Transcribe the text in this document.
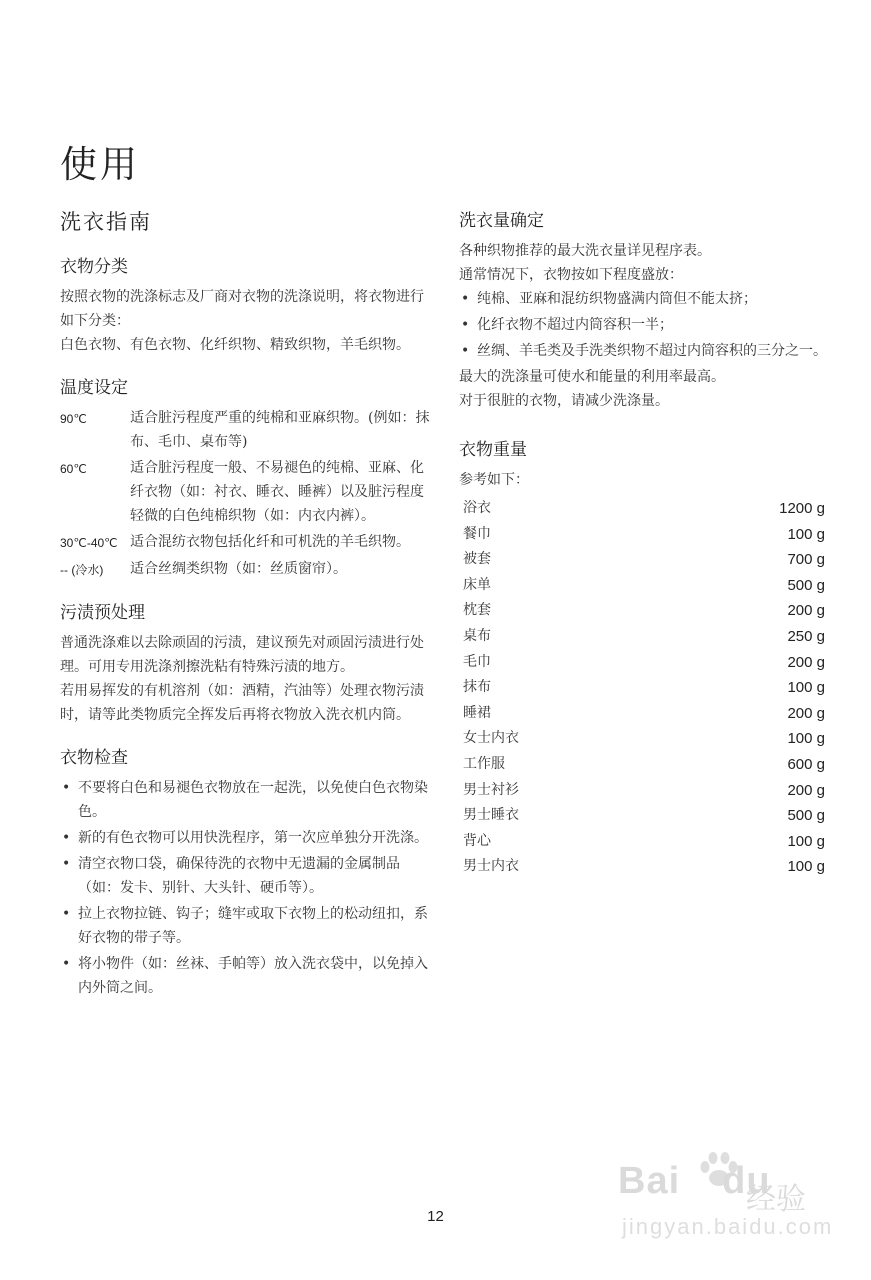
使用
洗衣指南
衣物分类

按照衣物的洗涤标志及厂商对衣物的洗涤说明，将衣物进行如下分类：

白色衣物、有色衣物、化纤织物、精致织物，羊毛织物。

温度设定
90℃	适合脏污程度严重的纯棉和亚麻织物。(例如：抹布、毛巾、桌布等)
60℃	适合脏污程度一般、不易褪色的纯棉、亚麻、化纤衣物（如：衬衣、睡衣、睡裤）以及脏污程度轻微的白色纯棉织物（如：内衣内裤）。
30℃-40℃ 适合混纺衣物包括化纤和可机洗的羊毛织物。
-- (冷水)	适合丝绸类织物（如：丝质窗帘）。
污渍预处理

普通洗涤难以去除顽固的污渍，建议预先对顽固污渍进行处理。可用专用洗涤剂擦洗粘有特殊污渍的地方。

若用易挥发的有机溶剂（如：酒精，汽油等）处理衣物污渍时，请等此类物质完全挥发后再将衣物放入洗衣机内筒。

衣物检查
• 不要将白色和易褪色衣物放在一起洗，以免使白色衣物染色。
• 新的有色衣物可以用快洗程序，第一次应单独分开洗涤。
• 清空衣物口袋，确保待洗的衣物中无遗漏的金属制品（如：发卡、别针、大头针、硬币等）。
• 拉上衣物拉链、钩子；缝牢或取下衣物上的松动纽扣，系好衣物的带子等。
• 将小物件（如：丝袜、手帕等）放入洗衣袋中，以免掉入内外筒之间。
洗衣量确定

各种织物推荐的最大洗衣量详见程序表。

通常情况下，衣物按如下程度盛放：

• 纯棉、亚麻和混纺织物盛满内筒但不能太挤；
• 化纤衣物不超过内筒容积一半；
• 丝绸、羊毛类及手洗类织物不超过内筒容积的三分之一。

最大的洗涤量可使水和能量的利用率最高。

对于很脏的衣物，请减少洗涤量。

衣物重量

参考如下：

浴衣	1200 g
餐巾	100 g
被套	700 g
床单	500 g
枕套	200 g
桌布	250 g
毛巾	200 g
抹布	100 g
睡裙	200 g
女士内衣	100 g
工作服	600 g
男士衬衫	200 g
男士睡衣	500 g
背心	100 g
男士内衣	100 g
12
Bai du
经验
jingyan.baidu.com
